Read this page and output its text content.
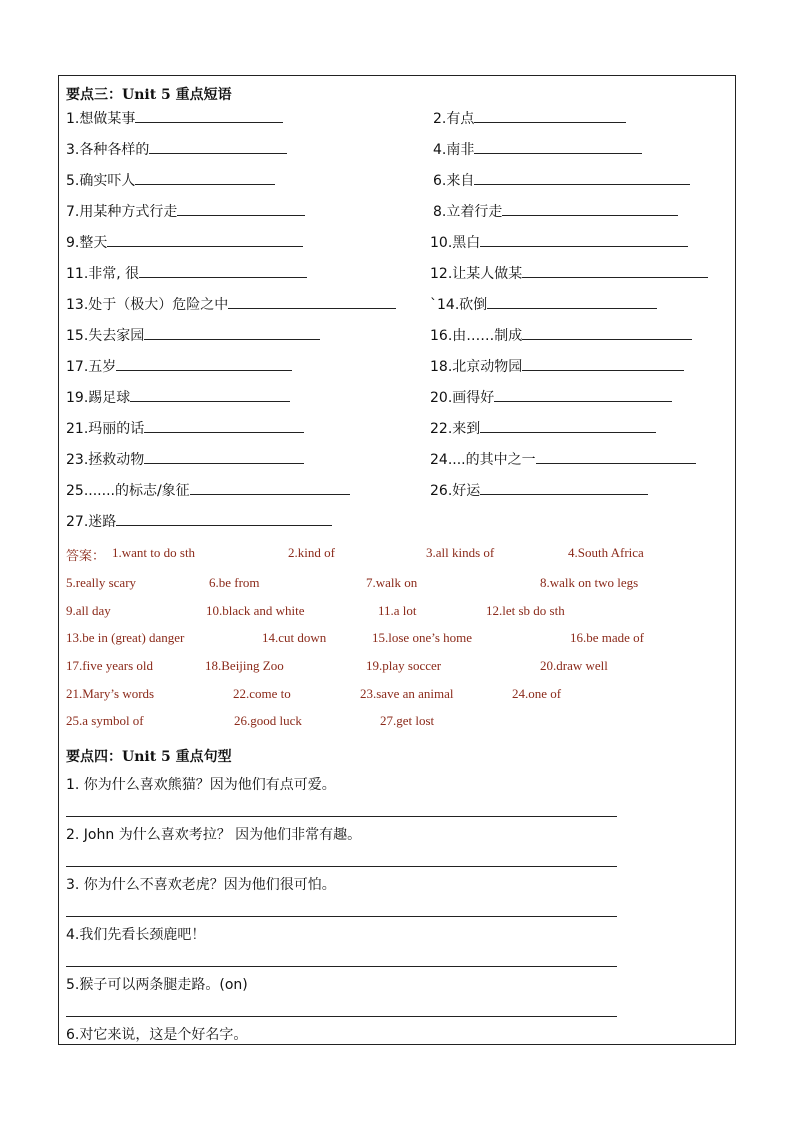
要点三：Unit 5 重点短语
1.想做某事	2.有点
3.各种各样的	4.南非
5.确实吓人	6.来自
7.用某种方式行走	8.立着行走
9.整天	10.黑白
11.非常, 很	12.让某人做某
13.处于（极大）危险之中	`14.砍倒
15.失去家园	16.由……制成
17.五岁	18.北京动物园
19.踢足球	20.画得好
21.玛丽的话	22.来到
23.拯救动物	24....的其中之一
25.......的标志/象征	26.好运
27.迷路
答案： 1.want to do sth	2.kind of	3.all kinds of	4.South Africa
5.really scary	6.be from	7.walk on	8.walk on two legs
9.all day	10.black and white	11.a lot	12.let sb do sth
13.be in (great) danger	14.cut down	15.lose one’s home	16.be made of
17.five years old	18.Beijing Zoo	19.play soccer	20.draw well
21.Mary’s words	22.come to	23.save an animal	24.one of
25.a symbol of	26.good luck	27.get lost
要点四：Unit 5 重点句型
1. 你为什么喜欢熊猫？因为他们有点可爱。
2. John 为什么喜欢考拉？ 因为他们非常有趣。
3. 你为什么不喜欢老虎？因为他们很可怕。
4.我们先看长颈鹿吧！
5.猴子可以两条腿走路。(on)
6.对它来说，这是个好名字。
